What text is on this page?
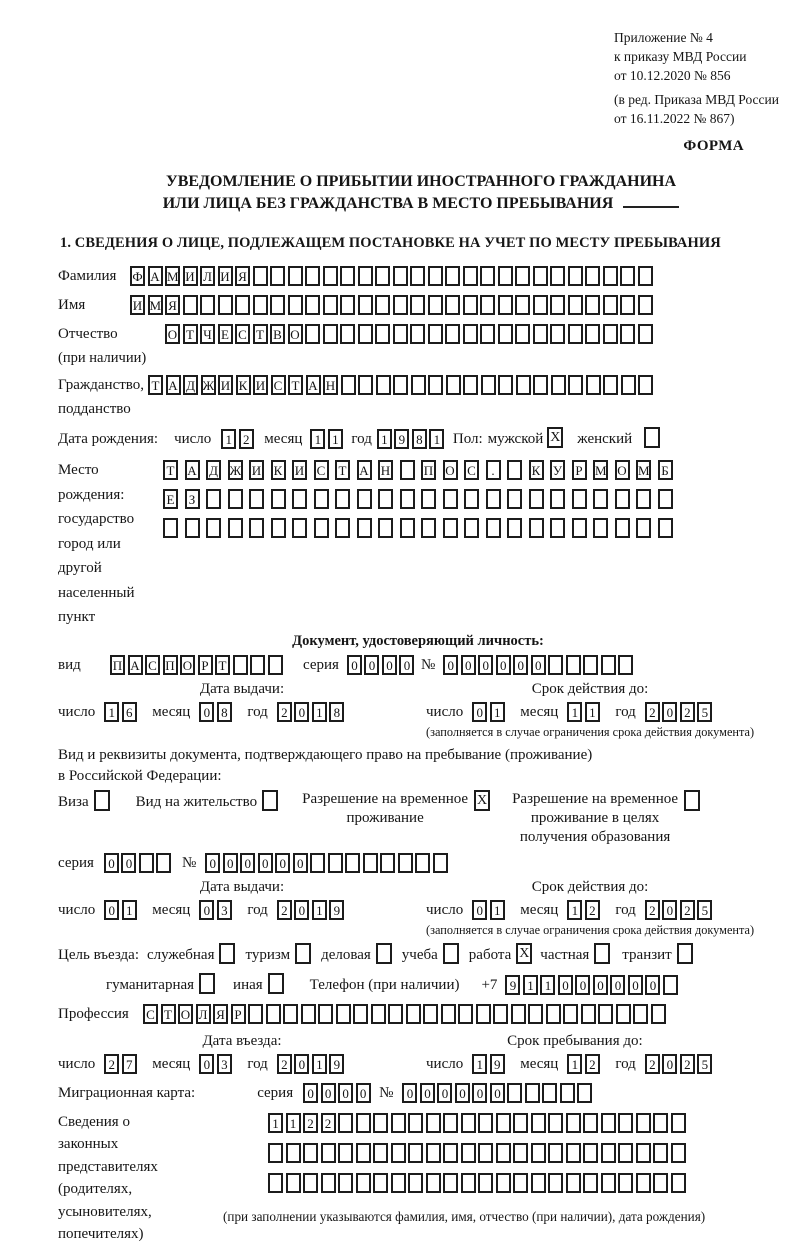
Приложение № 4
к приказу МВД России
от 10.12.2020 № 856
(в ред. Приказа МВД России
от 16.11.2022 № 867)
ФОРМА
УВЕДОМЛЕНИЕ О ПРИБЫТИИ ИНОСТРАННОГО ГРАЖДАНИНА
ИЛИ ЛИЦА БЕЗ ГРАЖДАНСТВА В МЕСТО ПРЕБЫВАНИЯ
1. СВЕДЕНИЯ О ЛИЦЕ, ПОДЛЕЖАЩЕМ ПОСТАНОВКЕ НА УЧЕТ ПО МЕСТУ ПРЕБЫВАНИЯ
Фамилия	Ф А М И Л И Я
Имя	И М Я
Отчество
(при наличии)
О Т Ч Е С Т В О
Гражданство,
подданство
Т А Д Ж И К И С Т А Н
Дата рождения: число	1 2 месяц 1 1 год 1 9 8 1 Пол: мужской X женский
Место рождения:
государство
город или другой
населенный пункт
Т А Д Ж И К И С Т А Н	П О С .	К У Р М О М Б Е З
Документ, удостоверяющий личность:
вид	П А С П О Р Т	серия 0 0 0 0 № 0 0 0 0 0 0
Дата выдачи:
число 1 6 месяц 0 8 год 2 0 1 8
Срок действия до:
число 0 1 месяц 1 1 год 2 0 2 5
(заполняется в случае ограничения срока действия документа)
Вид и реквизиты документа, подтверждающего право на пребывание (проживание)
в Российской Федерации:
Виза	Вид на жительство	Разрешение на временное
проживание
X Разрешение на временное
проживание в целях
получения образования
серия	0 0	№	0 0 0 0 0 0
Дата выдачи:
число 0 1 месяц 0 3 год 2 0 1 9
Срок действия до:
число 0 1 месяц 1 2 год 2 0 2 5
(заполняется в случае ограничения срока действия документа)
Цель въезда: служебная туризм деловая учеба работа X частная транзит
гуманитарная	иная	Телефон (при наличии) +7 9 1 1 0 0 0 0 0 0
Профессия	С Т О Л Я Р
Дата въезда:
число 2 7 месяц 0 3 год 2 0 1 9
Срок пребывания до:
число 1 9 месяц 1 2 год 2 0 2 5
Миграционная карта:	серия	0 0 0 0 №	0 0 0 0 0 0
Сведения о
законных
представителях
(родителях,
усыновителях,
попечителях)
1 1 2 2
(при заполнении указываются фамилия, имя, отчество (при наличии), дата рождения)
